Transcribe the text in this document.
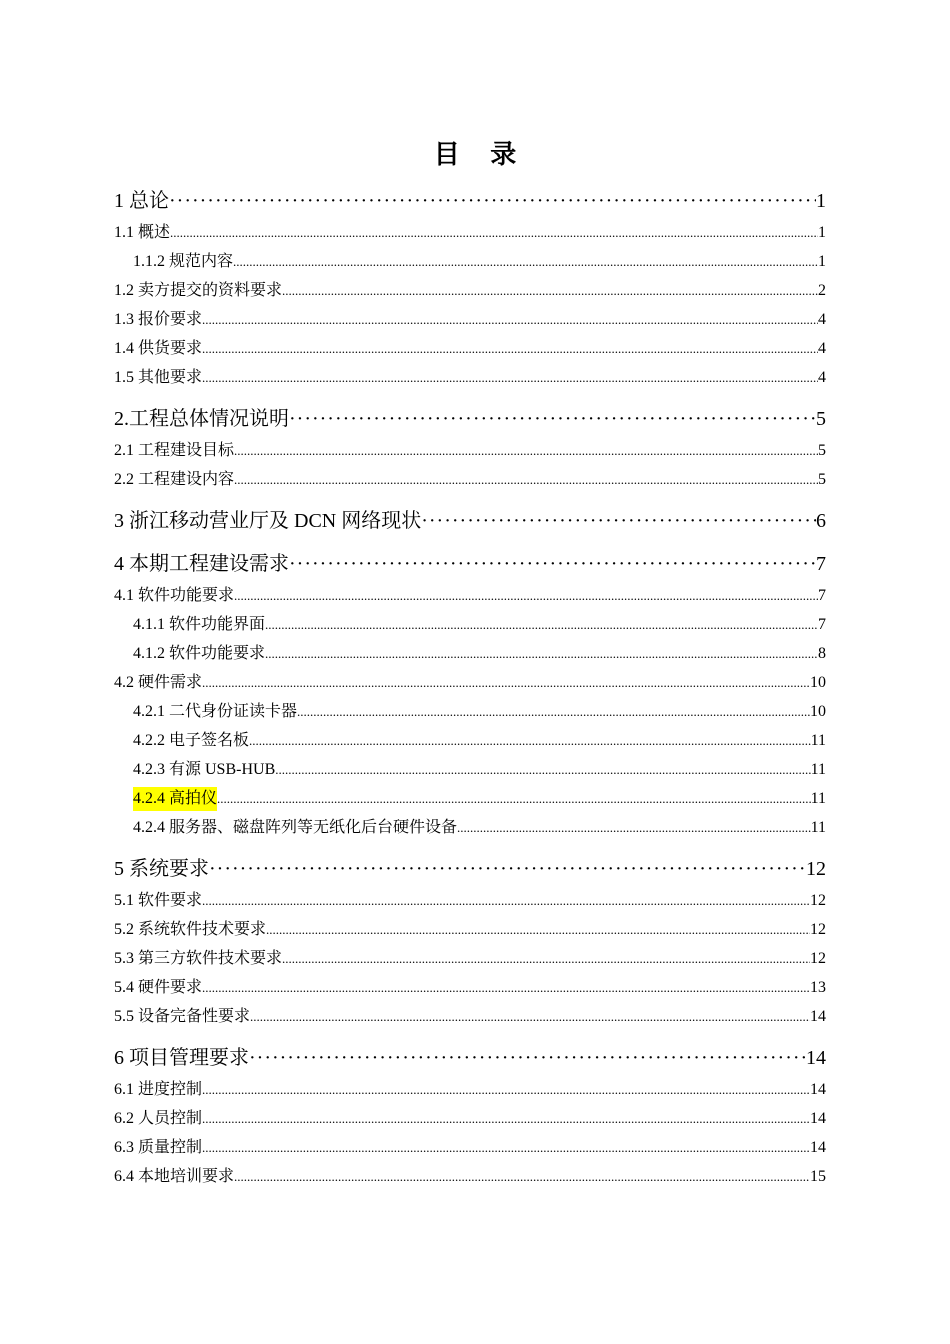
目 录
1 总论 ·····	1
1.1 概述 .....	1
1.1.2 规范内容 .....	1
1.2 卖方提交的资料要求 .....	2
1.3 报价要求 .....	4
1.4 供货要求 .....	4
1.5 其他要求 .....	4
2.工程总体情况说明 ·····	5
2.1 工程建设目标 .....	5
2.2 工程建设内容 .....	5
3 浙江移动营业厅及 DCN 网络现状 ·····	6
4 本期工程建设需求 ·····	7
4.1 软件功能要求 .....	7
4.1.1 软件功能界面 .....	7
4.1.2 软件功能要求 .....	8
4.2 硬件需求 .....	10
4.2.1 二代身份证读卡器 .....	10
4.2.2 电子签名板 .....	11
4.2.3 有源 USB-HUB .....	11
4.2.4 高拍仪 .....	11
4.2.4 服务器、磁盘阵列等无纸化后台硬件设备 .....	11
5 系统要求 ·····	12
5.1 软件要求 .....	12
5.2 系统软件技术要求 .....	12
5.3 第三方软件技术要求 .....	12
5.4 硬件要求 .....	13
5.5 设备完备性要求 .....	14
6 项目管理要求 ·····	14
6.1 进度控制 .....	14
6.2 人员控制 .....	14
6.3 质量控制 .....	14
6.4 本地培训要求 .....	15
